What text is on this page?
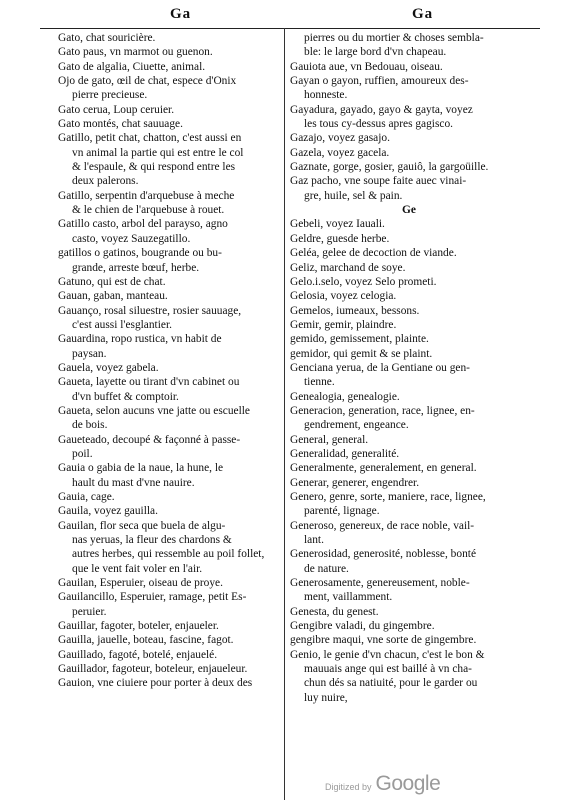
Ga	Ga
Gato, chat souricière.
Gato paus, vn marmot ou guenon.
Gato de algalia, Ciuette, animal.
Ojo de gato, œil de chat, espece d'Onix
pierre precieuse.
Gato cerua, Loup ceruier.
Gato montés, chat sauuage.
Gatillo, petit chat, chatton, c'est aussi en
vn animal la partie qui est entre le col
& l'espaule, & qui respond entre les
deux palerons.
Gatillo, serpentin d'arquebuse à meche
& le chien de l'arquebuse à rouet.
Gatillo casto, arbol del parayso, agno
casto, voyez Sauzegatillo.
gatillos o gatinos, bougrande ou bu-
grande, arreste bœuf, herbe.
Gatuno, qui est de chat.
Gauan, gaban, manteau.
Gauanço, rosal siluestre, rosier sauuage,
c'est aussi l'esglantier.
Gauardina, ropo rustica, vn habit de
paysan.
Gauela, voyez gabela.
Gaueta, layette ou tirant d'vn cabinet ou
d'vn buffet & comptoir.
Gaueta, selon aucuns vne jatte ou escuelle
de bois.
Gaueteado, decoupé & façonné à passe-
poil.
Gauia o gabia de la naue, la hune, le
hault du mast d'vne nauire.
Gauia, cage.
Gauila, voyez gauilla.
Gauilan, flor seca que buela de algu-
nas yeruas, la fleur des chardons &
autres herbes, qui ressemble au poil follet,
que le vent fait voler en l'air.
Gauilan, Esperuier, oiseau de proye.
Gauilancillo, Esperuier, ramage, petit Es-
peruier.
Gauillar, fagoter, boteler, enjaueler.
Gauilla, jauelle, boteau, fascine, fagot.
Gauillado, fagoté, botelé, enjauelé.
Gauillador, fagoteur, boteleur, enjaueleur.
Gauion, vne ciuiere pour porter à deux des
pierres ou du mortier & choses sembla-
ble: le large bord d'vn chapeau.
Gauiota aue, vn Bedouau, oiseau.
Gayan o gayon, ruffien, amoureux des-
honneste.
Gayadura, gayado, gayo & gayta, voyez
les tous cy-dessus apres gagisco.
Gazajo, voyez gasajo.
Gazela, voyez gacela.
Gaznate, gorge, gosier, gauiô, la gargoüille.
Gaz pacho, vne soupe faite auec vinai-
gre, huile, sel & pain.
Ge
Gebeli, voyez Iauali.
Geldre, guesde herbe.
Geléa, gelee de decoction de viande.
Geliz, marchand de soye.
Gelo.i.selo, voyez Selo prometi.
Gelosia, voyez celogia.
Gemelos, iumeaux, bessons.
Gemir, gemir, plaindre.
gemido, gemissement, plainte.
gemidor, qui gemit & se plaint.
Genciana yerua, de la Gentiane ou gen-
tienne.
Genealogia, genealogie.
Generacion, generation, race, lignee, en-
gendrement, engeance.
General, general.
Generalidad, generalité.
Generalmente, generalement, en general.
Generar, generer, engendrer.
Genero, genre, sorte, maniere, race, lignee,
parenté, lignage.
Generoso, genereux, de race noble, vail-
lant.
Generosidad, generosité, noblesse, bonté
de nature.
Generosamente, genereusement, noble-
ment, vaillamment.
Genesta, du genest.
Gengibre valadi, du gingembre.
gengibre maqui, vne sorte de gingembre.
Genio, le genie d'vn chacun, c'est le bon &
mauuais ange qui est baillé à vn cha-
chun dés sa natiuité, pour le garder ou
luy nuire,
Digitized by Google
